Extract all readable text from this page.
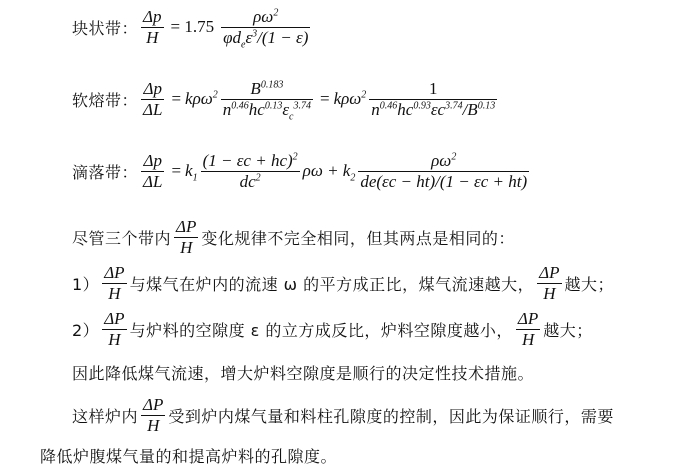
块状带： $\frac{\Delta p}{H} = 1.75 \frac{\rho\omega^2}{\varphi d_e\varepsilon^3/(1 - \varepsilon)}$
软熔带： $\frac{\Delta p}{\Delta L} = k\rho\omega^2 \frac{B^{0.183}}{n^{0.46}hc^{0.13}\varepsilon_c^{3.74}} = k\rho\omega^2 \frac{1}{n^{0.46}hc^{0.93}\varepsilon c^{3.74}/B^{0.13}}$
滴落带： $\frac{\Delta p}{\Delta L} = k_1 \frac{(1 - \varepsilon c + hc)^2}{dc^2}$ $\rho\omega + k_2 \frac{\rho\omega^2}{de(\varepsilon c - ht)/(1 - \varepsilon c + ht)}$
尽管三个带内 $\frac{\Delta P}{H}$ 变化规律不完全相同，但其两点是相同的：
$1) \frac{\Delta P}{H}$ 与煤气在炉内的流速 ω 的平方成正比，煤气流速越大， $\frac{\Delta P}{H}$ 越大；
$2) \frac{\Delta P}{H}$ 与炉料的空隙度 ε 的立方成反比，炉料空隙度越小， $\frac{\Delta P}{H}$ 越大；
因此降低煤气流速，增大炉料空隙度是顺行的决定性技术措施。
这样炉内 $\frac{\Delta P}{H}$ 受到炉内煤气量和料柱孔隙度的控制，因此为保证顺行，需要
降低炉腹煤气量的和提高炉料的孔隙度。
